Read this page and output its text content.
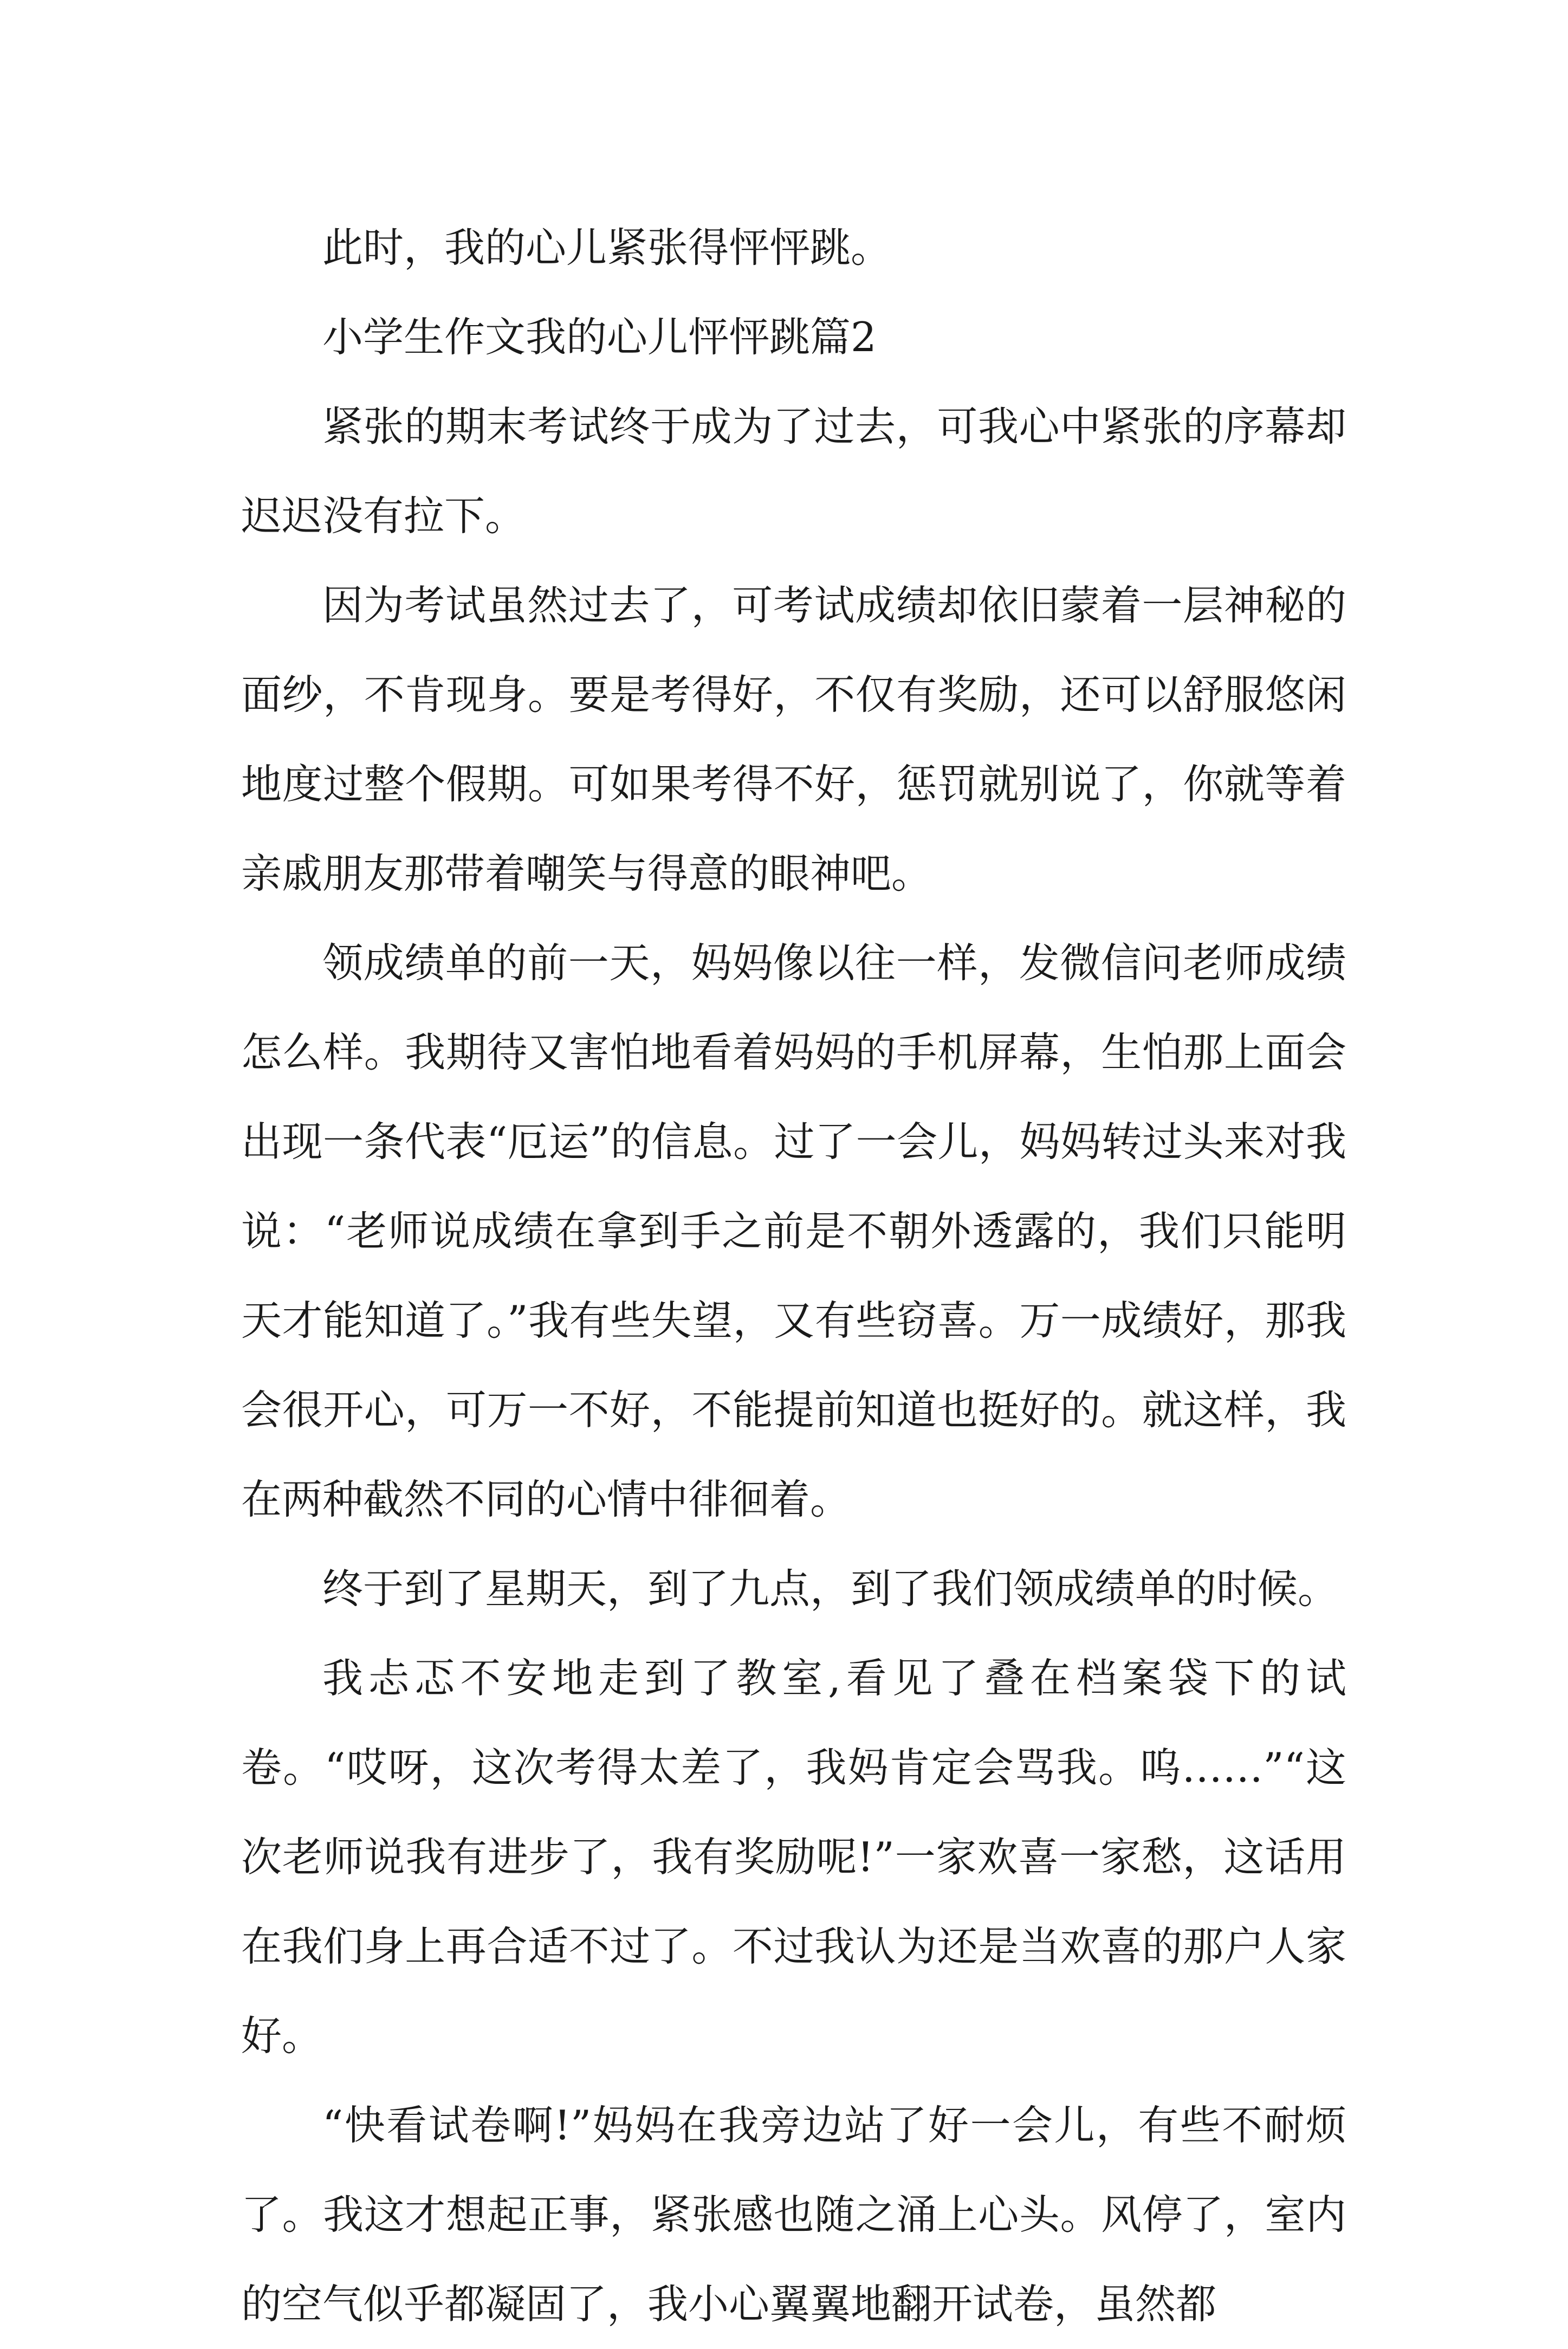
此时，我的心儿紧张得怦怦跳。

小学生作文我的心儿怦怦跳篇2

紧张的期末考试终于成为了过去，可我心中紧张的序幕却迟迟没有拉下。

因为考试虽然过去了，可考试成绩却依旧蒙着一层神秘的面纱，不肯现身。要是考得好，不仅有奖励，还可以舒服悠闲地度过整个假期。可如果考得不好，惩罚就别说了，你就等着亲戚朋友那带着嘲笑与得意的眼神吧。

领成绩单的前一天，妈妈像以往一样，发微信问老师成绩怎么样。我期待又害怕地看着妈妈的手机屏幕，生怕那上面会出现一条代表“厄运”的信息。过了一会儿，妈妈转过头来对我说：“老师说成绩在拿到手之前是不朝外透露的，我们只能明天才能知道了。”我有些失望，又有些窃喜。万一成绩好，那我会很开心，可万一不好，不能提前知道也挺好的。就这样，我在两种截然不同的心情中徘徊着。

终于到了星期天，到了九点，到了我们领成绩单的时候。

我忐忑不安地走到了教室,看见了叠在档案袋下的试卷。“哎呀，这次考得太差了，我妈肯定会骂我。呜……”“这次老师说我有进步了，我有奖励呢!”一家欢喜一家愁，这话用在我们身上再合适不过了。不过我认为还是当欢喜的那户人家好。

“快看试卷啊!”妈妈在我旁边站了好一会儿，有些不耐烦了。我这才想起正事，紧张感也随之涌上心头。风停了，室内的空气似乎都凝固了，我小心翼翼地翻开试卷，虽然都
